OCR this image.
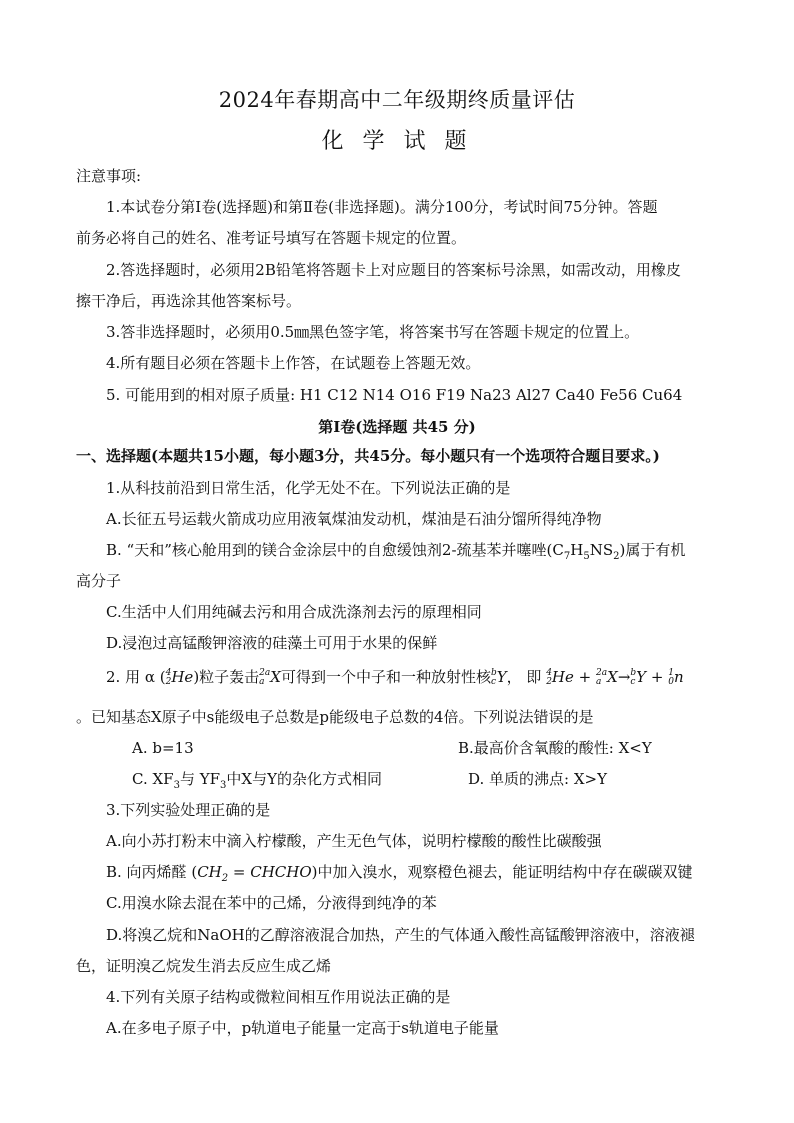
2024年春期高中二年级期终质量评估
化 学 试 题
注意事项:
1.本试卷分第Ⅰ卷(选择题)和第Ⅱ卷(非选择题)。满分100分，考试时间75分钟。答题
前务必将自己的姓名、准考证号填写在答题卡规定的位置。
2.答选择题时，必须用2B铅笔将答题卡上对应题目的答案标号涂黑，如需改动，用橡皮
擦干净后，再选涂其他答案标号。
3.答非选择题时，必须用0.5㎜黑色签字笔，将答案书写在答题卡规定的位置上。
4.所有题目必须在答题卡上作答，在试题卷上答题无效。
5. 可能用到的相对原子质量: H1 C12 N14 O16 F19 Na23 Al27 Ca40 Fe56 Cu64
第Ⅰ卷(选择题 共45 分)
一、选择题(本题共15小题，每小题3分，共45分。每小题只有一个选项符合题目要求。)
1.从科技前沿到日常生活，化学无处不在。下列说法正确的是
A.长征五号运载火箭成功应用液氧煤油发动机，煤油是石油分馏所得纯净物
B. “天和”核心舱用到的镁合金涂层中的自愈缓蚀剂2-巯基苯并噻唑$(C_7H_5NS_2)$属于有机
高分子
C.生活中人们用纯碱去污和用合成洗涤剂去污的原理相同
D.浸泡过高锰酸钾溶液的硅藻土可用于水果的保鲜
2. 用 α ( 4
2 He)粒子轰击 2a
a X可得到一个中子和一种放射性核 b
c Y， 即 4
2 He + 2a
a X→ b
c Y + 1
0 n
。已知基态X原子中s能级电子总数是p能级电子总数的4倍。下列说法错误的是
A. b=13	B.最高价含氧酸的酸性: X<Y
C. $XF_3$与 $YF_3$中X与Y的杂化方式相同	D. 单质的沸点: X>Y
3.下列实验处理正确的是
A.向小苏打粉末中滴入柠檬酸，产生无色气体，说明柠檬酸的酸性比碳酸强
B. 向丙烯醛 ($CH_2$ = CHCHO)中加入溴水，观察橙色褪去，能证明结构中存在碳碳双键
C.用溴水除去混在苯中的己烯，分液得到纯净的苯
D.将溴乙烷和NaOH的乙醇溶液混合加热，产生的气体通入酸性高锰酸钾溶液中，溶液褪
色，证明溴乙烷发生消去反应生成乙烯
4.下列有关原子结构或微粒间相互作用说法正确的是
A.在多电子原子中，p轨道电子能量一定高于s轨道电子能量
